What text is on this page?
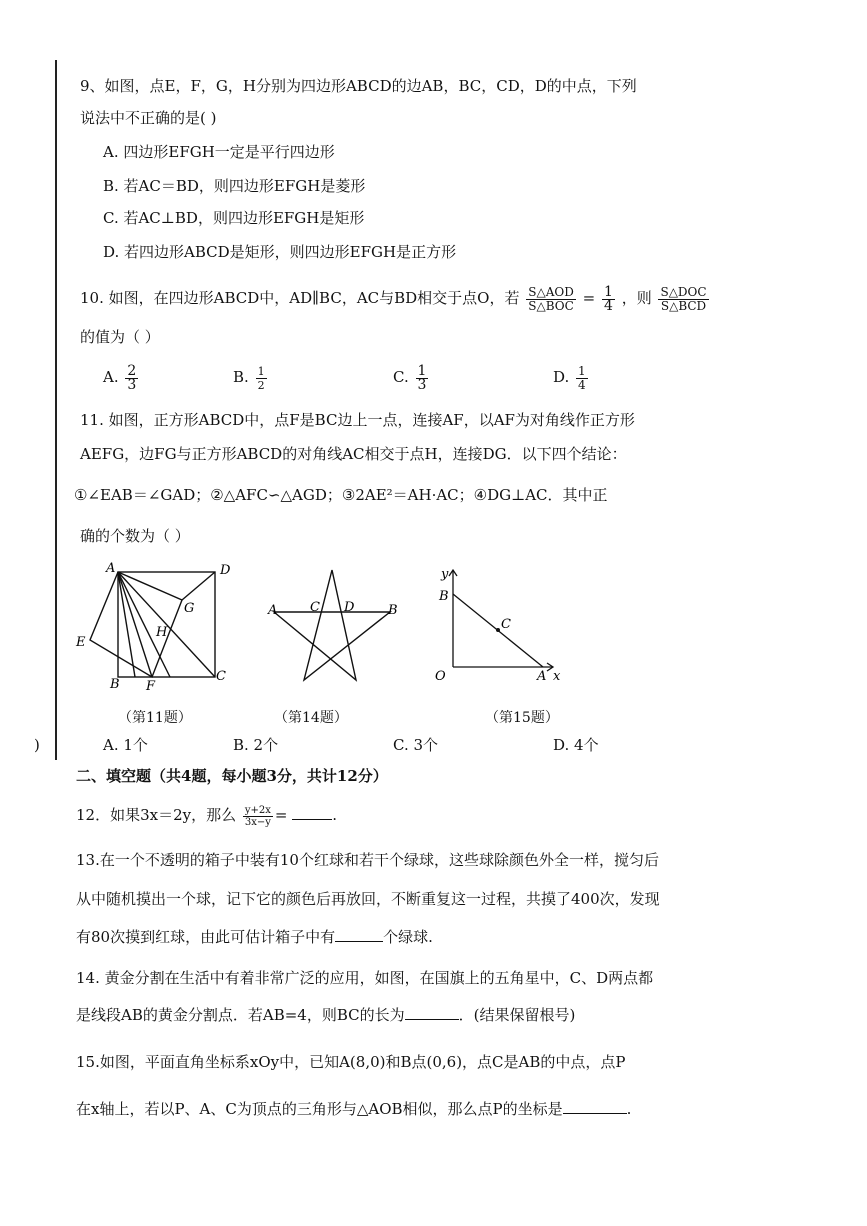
9、如图，点E，F，G，H分别为四边形ABCD的边AB，BC，CD，D的中点，下列
说法中不正确的是( )
A. 四边形EFGH一定是平行四边形
B. 若AC＝BD，则四边形EFGH是菱形
C. 若AC⊥BD，则四边形EFGH是矩形
D. 若四边形ABCD是矩形，则四边形EFGH是正方形
10. 如图，在四边形ABCD中，AD∥BC，AC与BD相交于点O，若 $\frac{\text{S△AOD}}{\text{S△BOC}} = \frac{1}{4}$ ，则 $\frac{\text{S△DOC}}{\text{S△BCD}}$
的值为（ ）
A. $\frac{2}{3}$	B. $\frac{1}{2}$	C. $\frac{1}{3}$	D. $\frac{1}{4}$
11. 如图，正方形ABCD中，点F是BC边上一点，连接AF，以AF为对角线作正方形
AEFG，边FG与正方形ABCD的对角线AC相交于点H，连接DG．以下四个结论：
①∠EAB＝∠GAD；②△AFC∽△AGD；③2AE²＝AH·AC；④DG⊥AC．其中正
确的个数为（ ）
A	D
G
H
E
B F
C
A	C D	B
y
B
C
O	A x
（第11题）	（第14题）	（第15题）
)	A. 1个	B. 2个	C. 3个	D. 4个
二、填空题（共4题，每小题3分，共计12分）
12．如果3x＝2y，那么 $\frac{y+2x}{3x-y}$ =	.
13.在一个不透明的箱子中装有10个红球和若干个绿球，这些球除颜色外全一样，搅匀后
从中随机摸出一个球，记下它的颜色后再放回，不断重复这一过程，共摸了400次，发现
有80次摸到红球，由此可估计箱子中有	个绿球.
14. 黄金分割在生活中有着非常广泛的应用，如图，在国旗上的五角星中，C、D两点都
是线段AB的黄金分割点．若AB=4，则BC的长为	．(结果保留根号)
15.如图，平面直角坐标系xOy中，已知A(8,0)和B点(0,6)，点C是AB的中点，点P
在x轴上，若以P、A、C为顶点的三角形与△AOB相似，那么点P的坐标是	.
